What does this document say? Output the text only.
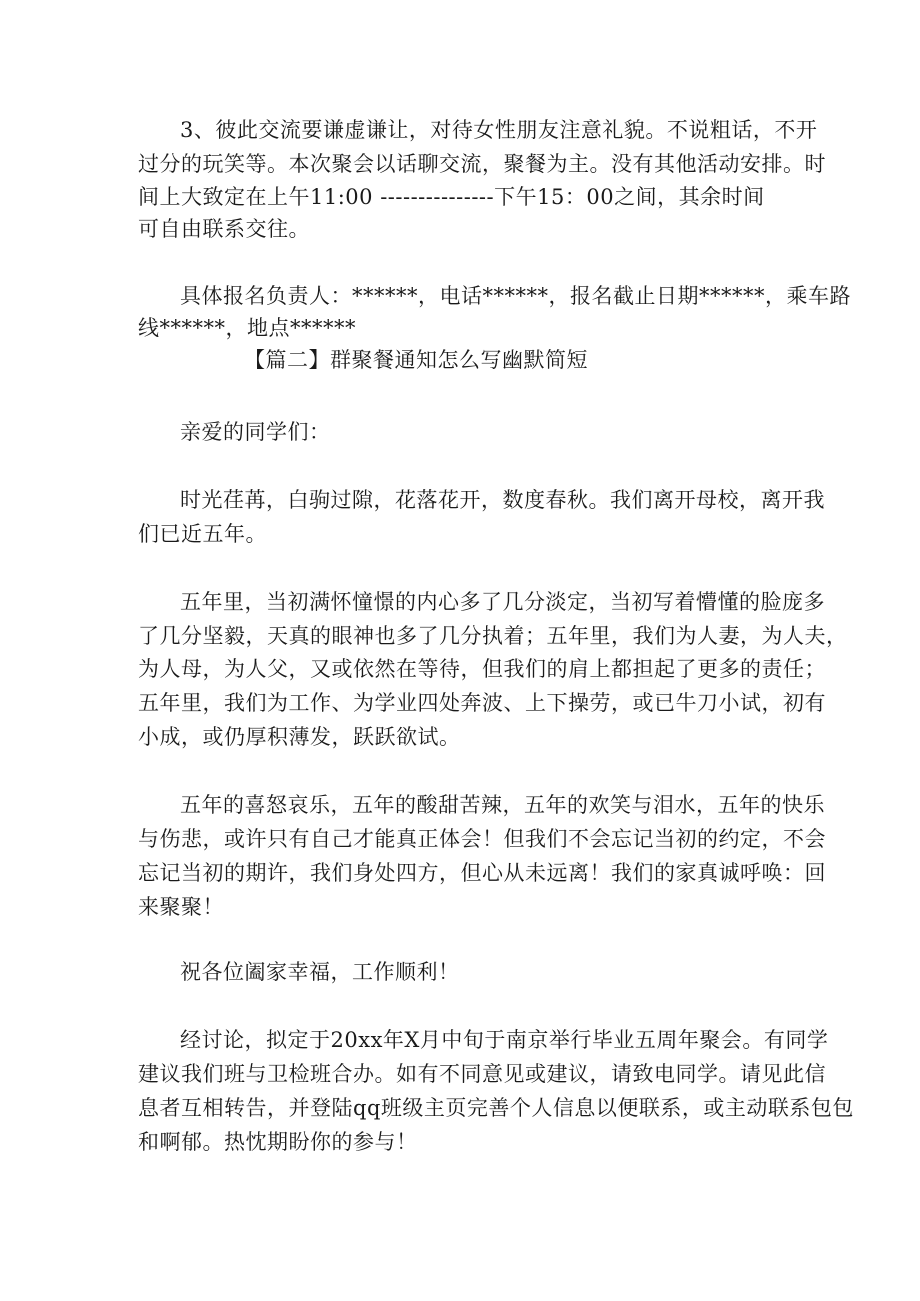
3、彼此交流要谦虚谦让，对待女性朋友注意礼貌。不说粗话，不开
过分的玩笑等。本次聚会以话聊交流，聚餐为主。没有其他活动安排。时
间上大致定在上午11:00 ---------------下午15：00之间，其余时间
可自由联系交往。
具体报名负责人：******，电话******，报名截止日期******，乘车路
线******，地点******
【篇二】群聚餐通知怎么写幽默简短
亲爱的同学们：
时光荏苒，白驹过隙，花落花开，数度春秋。我们离开母校，离开我
们已近五年。
五年里，当初满怀憧憬的内心多了几分淡定，当初写着懵懂的脸庞多
了几分坚毅，天真的眼神也多了几分执着；五年里，我们为人妻，为人夫，
为人母，为人父，又或依然在等待，但我们的肩上都担起了更多的责任；
五年里，我们为工作、为学业四处奔波、上下操劳，或已牛刀小试，初有
小成，或仍厚积薄发，跃跃欲试。
五年的喜怒哀乐，五年的酸甜苦辣，五年的欢笑与泪水，五年的快乐
与伤悲，或许只有自己才能真正体会！但我们不会忘记当初的约定，不会
忘记当初的期许，我们身处四方，但心从未远离！我们的家真诚呼唤：回
来聚聚！
祝各位阖家幸福，工作顺利！
经讨论，拟定于20xx年X月中旬于南京举行毕业五周年聚会。有同学
建议我们班与卫检班合办。如有不同意见或建议，请致电同学。请见此信
息者互相转告，并登陆qq班级主页完善个人信息以便联系，或主动联系包包
和啊郁。热忱期盼你的参与！
